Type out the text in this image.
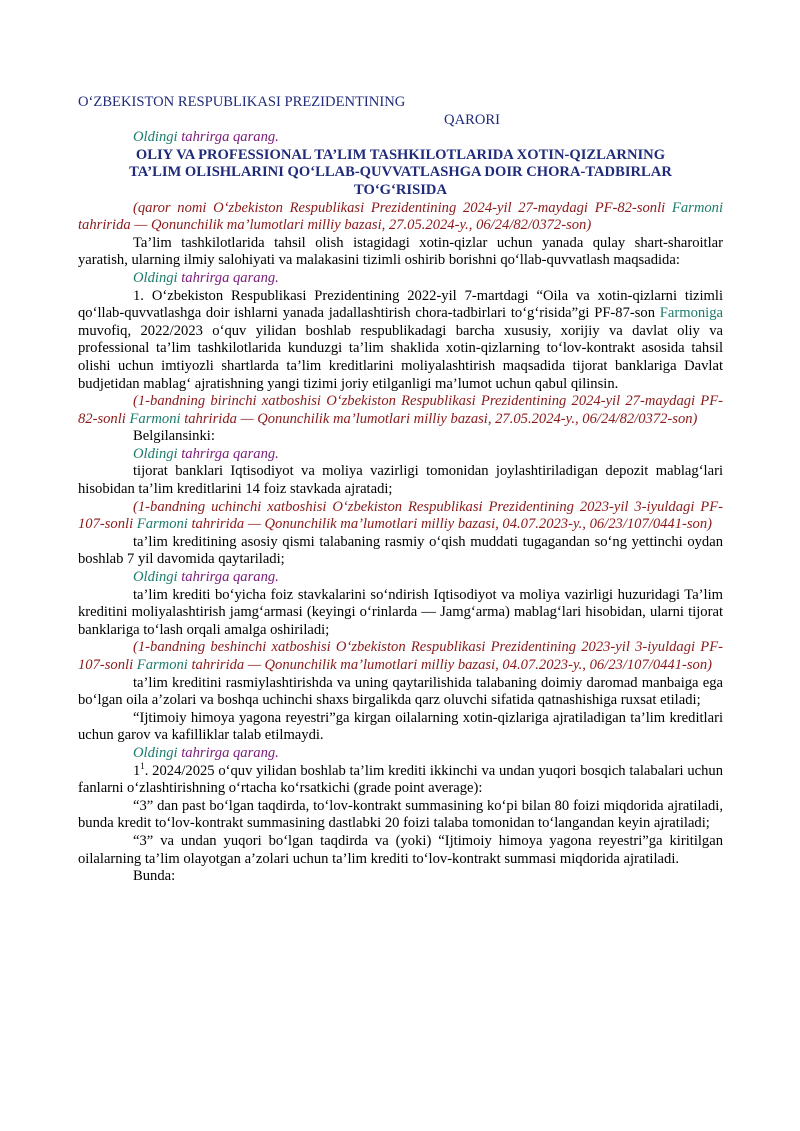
O‘ZBEKISTON RESPUBLIKASI PREZIDENTINING

QARORI

Oldingi tahrirga qarang.

OLIY VA PROFESSIONAL TA’LIM TASHKILOTLARIDA XOTIN-QIZLARNING
TA’LIM OLISHLARINI QO‘LLAB-QUVVATLASHGA DOIR CHORA-TADBIRLAR
TO‘G‘RISIDA

(qaror nomi O‘zbekiston Respublikasi Prezidentining 2024-yil 27-maydagi PF-82-sonli Farmoni tahririda — Qonunchilik ma’lumotlari milliy bazasi, 27.05.2024-y., 06/24/82/0372-son)

Ta’lim tashkilotlarida tahsil olish istagidagi xotin-qizlar uchun yanada qulay shart-sharoitlar yaratish, ularning ilmiy salohiyati va malakasini tizimli oshirib borishni qo‘llab-quvvatlash maqsadida:

Oldingi tahrirga qarang.

1. O‘zbekiston Respublikasi Prezidentining 2022-yil 7-martdagi “Oila va xotin-qizlarni tizimli qo‘llab-quvvatlashga doir ishlarni yanada jadallashtirish chora-tadbirlari to‘g‘risida”gi PF-87-son Farmoniga muvofiq, 2022/2023 o‘quv yilidan boshlab respublikadagi barcha xususiy, xorijiy va davlat oliy va professional ta’lim tashkilotlarida kunduzgi ta’lim shaklida xotin-qizlarning to‘lov-kontrakt asosida tahsil olishi uchun imtiyozli shartlarda ta’lim kreditlarini moliyalashtirish maqsadida tijorat banklariga Davlat budjetidan mablag‘ ajratishning yangi tizimi joriy etilganligi ma’lumot uchun qabul qilinsin.

(1-bandning birinchi xatboshisi O‘zbekiston Respublikasi Prezidentining 2024-yil 27-maydagi PF-82-sonli Farmoni tahririda — Qonunchilik ma’lumotlari milliy bazasi, 27.05.2024-y., 06/24/82/0372-son)

Belgilansinki:

Oldingi tahrirga qarang.

tijorat banklari Iqtisodiyot va moliya vazirligi tomonidan joylashtiriladigan depozit mablag‘lari hisobidan ta’lim kreditlarini 14 foiz stavkada ajratadi;

(1-bandning uchinchi xatboshisi O‘zbekiston Respublikasi Prezidentining 2023-yil 3-iyuldagi PF-107-sonli Farmoni tahririda — Qonunchilik ma’lumotlari milliy bazasi, 04.07.2023-y., 06/23/107/0441-son)

ta’lim kreditining asosiy qismi talabaning rasmiy o‘qish muddati tugagandan so‘ng yettinchi oydan boshlab 7 yil davomida qaytariladi;

Oldingi tahrirga qarang.

ta’lim krediti bo‘yicha foiz stavkalarini so‘ndirish Iqtisodiyot va moliya vazirligi huzuridagi Ta’lim kreditini moliyalashtirish jamg‘armasi (keyingi o‘rinlarda — Jamg‘arma) mablag‘lari hisobidan, ularni tijorat banklariga to‘lash orqali amalga oshiriladi;

(1-bandning beshinchi xatboshisi O‘zbekiston Respublikasi Prezidentining 2023-yil 3-iyuldagi PF-107-sonli Farmoni tahririda — Qonunchilik ma’lumotlari milliy bazasi, 04.07.2023-y., 06/23/107/0441-son)

ta’lim kreditini rasmiylashtirishda va uning qaytarilishida talabaning doimiy daromad manbaiga ega bo‘lgan oila a’zolari va boshqa uchinchi shaxs birgalikda qarz oluvchi sifatida qatnashishiga ruxsat etiladi;

“Ijtimoiy himoya yagona reyestri”ga kirgan oilalarning xotin-qizlariga ajratiladigan ta’lim kreditlari uchun garov va kafilliklar talab etilmaydi.

Oldingi tahrirga qarang.

$1^1$. 2024/2025 o‘quv yilidan boshlab ta’lim krediti ikkinchi va undan yuqori bosqich talabalari uchun fanlarni o‘zlashtirishning o‘rtacha ko‘rsatkichi (grade point average):

“3” dan past bo‘lgan taqdirda, to‘lov-kontrakt summasining ko‘pi bilan 80 foizi miqdorida ajratiladi, bunda kredit to‘lov-kontrakt summasining dastlabki 20 foizi talaba tomonidan to‘langandan keyin ajratiladi;

“3” va undan yuqori bo‘lgan taqdirda va (yoki) “Ijtimoiy himoya yagona reyestri”ga kiritilgan oilalarning ta’lim olayotgan a’zolari uchun ta’lim krediti to‘lov-kontrakt summasi miqdorida ajratiladi.

Bunda:
